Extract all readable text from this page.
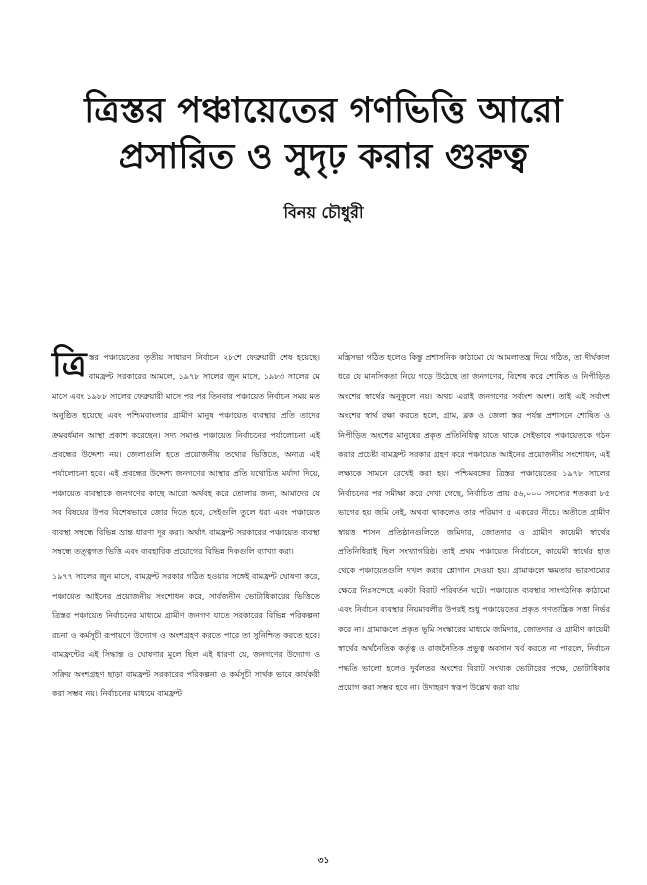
ত্রিস্তর পঞ্চায়েতের গণভিত্তি আরো
প্রসারিত ও সুদৃঢ় করার গুরুত্ব
বিনয় চৌধুরী

ত্রিস্তর পঞ্চায়েতের তৃতীয় সাধারণ নির্বাচন ২৮শে ফেব্রুয়ারী শেষ হয়েছে। বামফ্রন্ট সরকারের আমলে, ১৯৭৮ সালের জুন মাসে, ১৯৮৩ সালের মে মাসে এবং ১৯৮৮ সালের ফেব্রুয়ারী মাসে পর পর তিনবার পঞ্চায়েত নির্বাচন সময় মত অনুষ্ঠিত হয়েছে এবং পশ্চিমবাংলার গ্রামীণ মানুষ পঞ্চায়েত ব্যবস্থার প্রতি তাদের ক্রমবর্ধমান আস্থা প্রকাশ করেছেন। সদ্য সমাপ্ত পঞ্চায়েত নির্বাচনের পর্যালোচনা এই প্রবন্ধের উদ্দেশ্য নয়। জেলাগুলি হতে প্রয়োজনীয় তথ্যের ভিত্তিতে, অন্যত্র এই পর্যালোচনা হবে। এই প্রবন্ধের উদ্দেশ্য জনগণের আস্থার প্রতি যথোচিত মর্যাদা দিয়ে, পঞ্চায়েত ব্যবস্থাকে জনগণের কাছে আরো অর্থবহ করে তোলার জন্য, আমাদের যে সব বিষয়ের উপর বিশেষভাবে জোর দিতে হবে, সেইগুলি তুলে ধরা এবং পঞ্চায়েত ব্যবস্থা সম্বন্ধে বিভিন্ন ভ্রান্ত ধারণা দূর করা। অর্থাৎ বামফ্রন্ট সরকারের পঞ্চায়েত ব্যবস্থা সম্বন্ধে তত্ত্বগত ভিত্তি এবং ব্যবহারিক প্রয়োগের বিভিন্ন দিকগুলি ব্যাখ্যা করা।

১৯৭৭ সালের জুন মাসে, বামফ্রন্ট সরকার গঠিত হওয়ার সঙ্গেই বামফ্রন্ট ঘোষণা করে, পঞ্চায়েত আইনের প্রয়োজনীয় সংশোধন করে, সার্বজনীন ভোটাধিকারের ভিত্তিতে ত্রিস্তর পঞ্চায়েত নির্বাচনের মাধ্যমে গ্রামীণ জনগণ যাতে সরকারের বিভিন্ন পরিকল্পনা রচনা ও কর্মসূচী রূপায়ণে উদ্যোগ ও অংশগ্রহণ করতে পারে তা সুনিশ্চিত করতে হবে। বামফ্রন্টের এই সিদ্ধান্ত ও ঘোষণার মূলে ছিল এই ধারণা যে, জনগণের উদ্যোগ ও সক্রিয় অংশগ্রহণ ছাড়া বামফ্রন্ট সরকারের পরিকল্পনা ও কর্মসূচী সার্থক ভাবে কার্যকরী করা সম্ভব নয়। নির্বাচনের মাধ্যমে বামফ্রন্ট

মন্ত্রিসভা গঠিত হলেও কিন্তু প্রশাসনিক কাঠামো যে আমলাতন্ত্র দিয়ে গঠিত, তা দীর্ঘকাল ধরে যে মানসিকতা নিয়ে গড়ে উঠেছে তা জনগণের, বিশেষ করে শোষিত ও নিপীড়িত অংশের স্বার্থের অনুকূলে নয়। অথচ এরাই জনগণের সর্বাংশ অংশ। তাই এই সর্বাংশ অংশের স্বার্থ রক্ষা করতে হলে, গ্রাম, ব্লক ও জেলা স্তর পর্যন্ত প্রশাসনে শোষিত ও নিপীড়িত অংশের মানুষের প্রকৃত প্রতিনিধিত্ব যাতে থাকে সেইভাবে পঞ্চায়েতকে গঠন করার প্রচেষ্টা বামফ্রন্ট সরকার গ্রহণ করে পঞ্চায়েত আইনের প্রয়োজনীয় সংশোধন, এই লক্ষ্যকে সামনে রেখেই করা হয়। পশ্চিমবঙ্গের ত্রিস্তর পঞ্চায়েতের ১৯৭৮ সালের নির্বাচনের পর সমীক্ষা করে দেখা গেছে, নির্বাচিত প্রায় ৫৬,০০০ সদস্যের শতকরা ৮৫ ভাগের হয় জমি নেই, অথবা থাকলেও তার পরিমাণ ৫ একরের নীচে। অতীতে গ্রামীণ স্বায়ত্ত শাসন প্রতিষ্ঠানগুলিতে জমিদার, জোতদার ও গ্রামীণ কায়েমী স্বার্থের প্রতিনিধিরাই ছিল সংখ্যাগরিষ্ঠ। তাই প্রথম পঞ্চায়েত নির্বাচনে, কায়েমী স্বার্থের হাত থেকে পঞ্চায়েতগুলি দখল করার শ্লোগান দেওয়া হয়। গ্রামাঞ্চলে ক্ষমতার ভারসাম্যের ক্ষেত্রে নিঃসন্দেহে একটা বিরাট পরিবর্তন ঘটে। পঞ্চায়েত ব্যবস্থার সাংগঠনিক কাঠামো এবং নির্বাচন ব্যবস্থার নিয়মাবলীর উপরই শুধু পঞ্চায়েতের প্রকৃত গণতান্ত্রিক সত্তা নির্ভর করে না। গ্রামাঞ্চলে প্রকৃত ভূমি সংস্কারের মাধ্যমে জমিদার, জোতদার ও গ্রামীণ কায়েমী স্বার্থের অর্থনৈতিক কর্তৃত্ব ও রাজনৈতিক প্রভুত্ব অবসান খর্ব করতে না পারলে, নির্বাচন পদ্ধতি ভালো হলেও দুর্বলতর অংশের বিরাট সংখ্যক ভোটারের পক্ষে, ভোটাধিকার প্রয়োগ করা সম্ভব হবে না। উদাহরণ স্বরূপ উল্লেখ করা যায়

৩১
